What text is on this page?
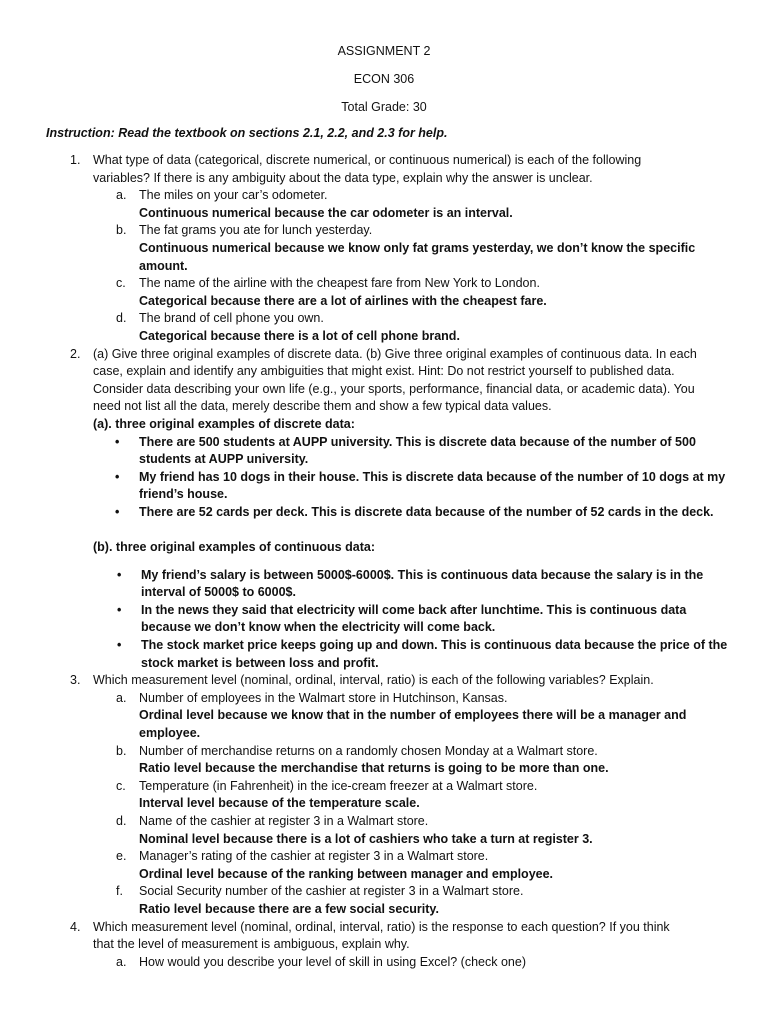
ASSIGNMENT 2
ECON 306
Total Grade: 30
Instruction: Read the textbook on sections 2.1, 2.2, and 2.3 for help.
1. What type of data (categorical, discrete numerical, or continuous numerical) is each of the following
variables? If there is any ambiguity about the data type, explain why the answer is unclear.
a. The miles on your car’s odometer.
Continuous numerical because the car odometer is an interval.
b. The fat grams you ate for lunch yesterday.
Continuous numerical because we know only fat grams yesterday, we don’t know the specific
amount.
c. The name of the airline with the cheapest fare from New York to London.
Categorical because there are a lot of airlines with the cheapest fare.
d. The brand of cell phone you own.
Categorical because there is a lot of cell phone brand.
2. (a) Give three original examples of discrete data. (b) Give three original examples of continuous data. In each
case, explain and identify any ambiguities that might exist. Hint: Do not restrict yourself to published data.
Consider data describing your own life (e.g., your sports, performance, financial data, or academic data). You
need not list all the data, merely describe them and show a few typical data values.
(a). three original examples of discrete data:
• There are 500 students at AUPP university. This is discrete data because of the number of 500
students at AUPP university.
• My friend has 10 dogs in their house. This is discrete data because of the number of 10 dogs at my
friend’s house.
• There are 52 cards per deck. This is discrete data because of the number of 52 cards in the deck.
(b). three original examples of continuous data:
• My friend’s salary is between 5000$-6000$. This is continuous data because the salary is in the
interval of 5000$ to 6000$.
• In the news they said that electricity will come back after lunchtime. This is continuous data
because we don’t know when the electricity will come back.
• The stock market price keeps going up and down. This is continuous data because the price of the
stock market is between loss and profit.
3. Which measurement level (nominal, ordinal, interval, ratio) is each of the following variables? Explain.
a. Number of employees in the Walmart store in Hutchinson, Kansas.
Ordinal level because we know that in the number of employees there will be a manager and
employee.
b. Number of merchandise returns on a randomly chosen Monday at a Walmart store.
Ratio level because the merchandise that returns is going to be more than one.
c. Temperature (in Fahrenheit) in the ice-cream freezer at a Walmart store.
Interval level because of the temperature scale.
d. Name of the cashier at register 3 in a Walmart store.
Nominal level because there is a lot of cashiers who take a turn at register 3.
e. Manager’s rating of the cashier at register 3 in a Walmart store.
Ordinal level because of the ranking between manager and employee.
f. Social Security number of the cashier at register 3 in a Walmart store.
Ratio level because there are a few social security.
4. Which measurement level (nominal, ordinal, interval, ratio) is the response to each question? If you think
that the level of measurement is ambiguous, explain why.
a. How would you describe your level of skill in using Excel? (check one)
